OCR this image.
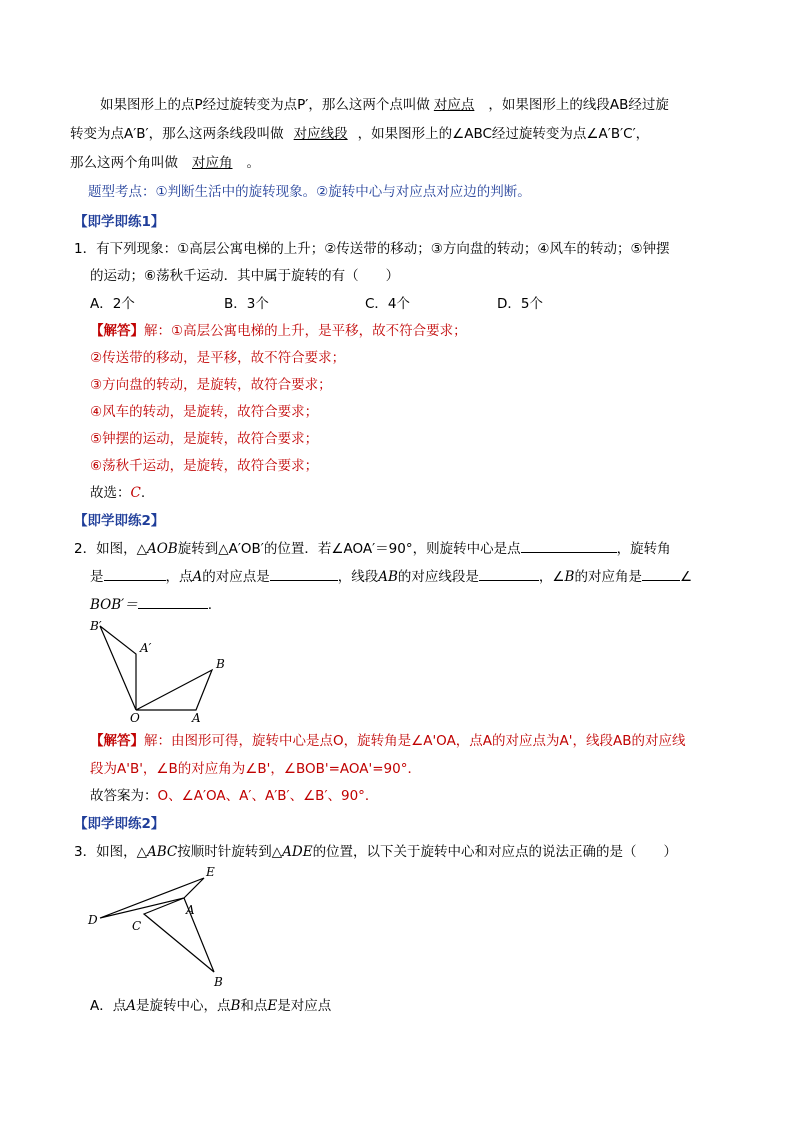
如果图形上的点P经过旋转变为点P′，那么这两个点叫做 对应点 ，如果图形上的线段AB经过旋
转变为点A′B′，那么这两条线段叫做 对应线段 ，如果图形上的∠ABC经过旋转变为点∠A′B′C′，
那么这两个角叫做 对应角 。
题型考点：①判断生活中的旋转现象。②旋转中心与对应点对应边的判断。
【即学即练1】
1．有下列现象：①高层公寓电梯的上升；②传送带的移动；③方向盘的转动；④风车的转动；⑤钟摆
的运动；⑥荡秋千运动．其中属于旋转的有（　　）
A．2个	B．3个	C．4个	D．5个
【解答】解：①高层公寓电梯的上升，是平移，故不符合要求；
②传送带的移动，是平移，故不符合要求；
③方向盘的转动，是旋转，故符合要求；
④风车的转动，是旋转，故符合要求；
⑤钟摆的运动，是旋转，故符合要求；
⑥荡秋千运动，是旋转，故符合要求；
故选：C.
【即学即练2】
2．如图，△AOB旋转到△A′OB′的位置．若∠AOA′＝90°，则旋转中心是点	，旋转角
是	，点A的对应点是	，线段AB的对应线段是	，∠B的对应角是	∠
BOB′＝	.
B′
A′
B
O	A
【解答】解：由图形可得，旋转中心是点O，旋转角是∠A'OA，点A的对应点为A'，线段AB的对应线
段为A'B'，∠B的对应角为∠B'，∠BOB'=AOA'=90°．
故答案为：O、∠A′OA、A′、A′B′、∠B′、90°．
【即学即练2】
3．如图，△ABC按顺时针旋转到△ADE的位置，以下关于旋转中心和对应点的说法正确的是（　　）
E
D	C
A
B
A．点A是旋转中心，点B和点E是对应点
